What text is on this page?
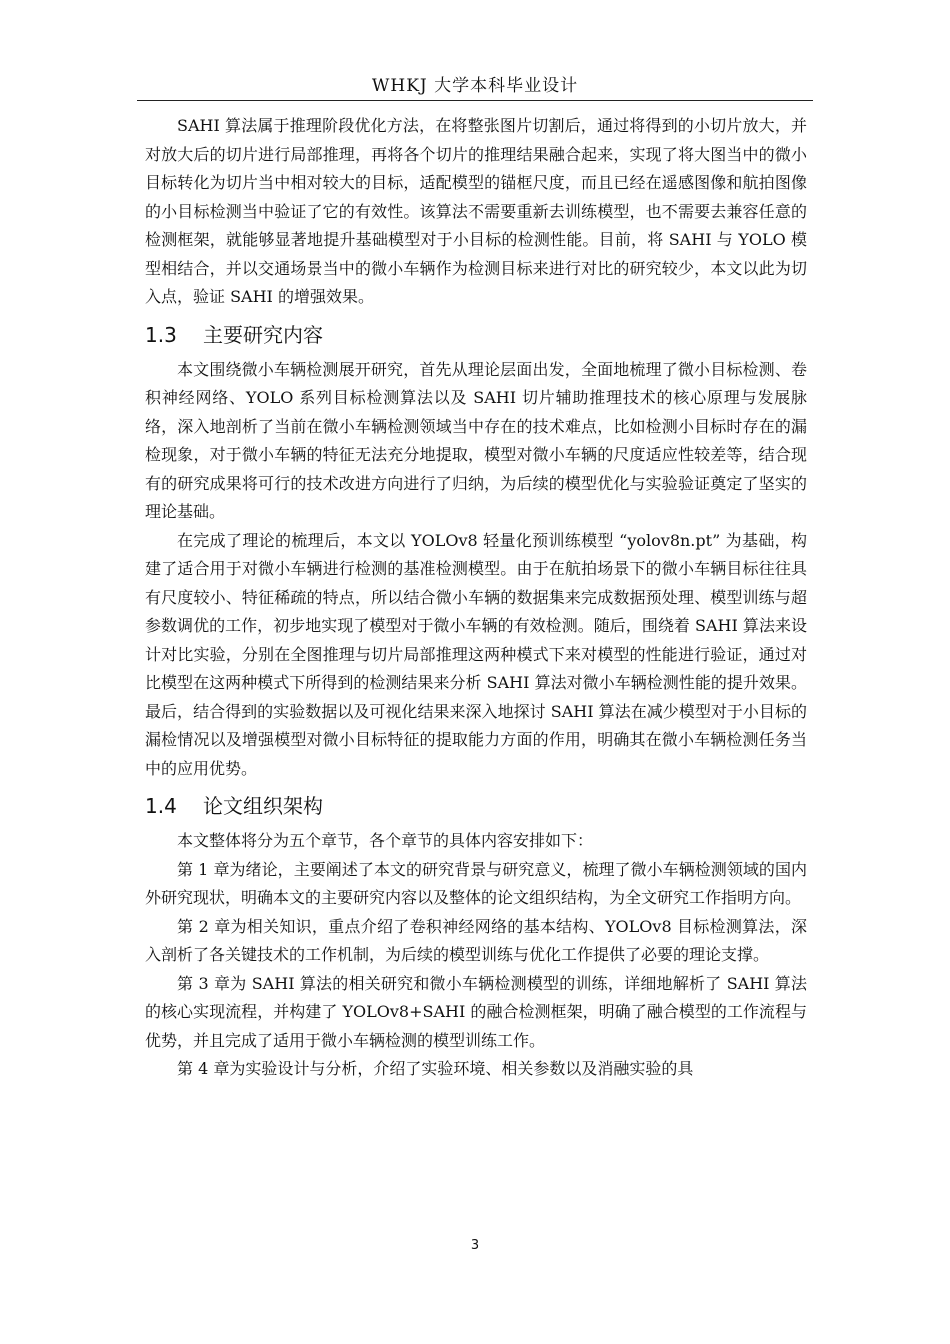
WHKJ 大学本科毕业设计

SAHI 算法属于推理阶段优化方法，在将整张图片切割后，通过将得到的小切片放大，并对放大后的切片进行局部推理，再将各个切片的推理结果融合起来，实现了将大图当中的微小目标转化为切片当中相对较大的目标，适配模型的锚框尺度，而且已经在遥感图像和航拍图像的小目标检测当中验证了它的有效性。该算法不需要重新去训练模型，也不需要去兼容任意的检测框架，就能够显著地提升基础模型对于小目标的检测性能。目前，将 SAHI 与 YOLO 模型相结合，并以交通场景当中的微小车辆作为检测目标来进行对比的研究较少，本文以此为切入点，验证 SAHI 的增强效果。

1.3 主要研究内容

本文围绕微小车辆检测展开研究，首先从理论层面出发，全面地梳理了微小目标检测、卷积神经网络、YOLO 系列目标检测算法以及 SAHI 切片辅助推理技术的核心原理与发展脉络，深入地剖析了当前在微小车辆检测领域当中存在的技术难点，比如检测小目标时存在的漏检现象，对于微小车辆的特征无法充分地提取，模型对微小车辆的尺度适应性较差等，结合现有的研究成果将可行的技术改进方向进行了归纳，为后续的模型优化与实验验证奠定了坚实的理论基础。

在完成了理论的梳理后，本文以 YOLOv8 轻量化预训练模型 “yolov8n.pt” 为基础，构建了适合用于对微小车辆进行检测的基准检测模型。由于在航拍场景下的微小车辆目标往往具有尺度较小、特征稀疏的特点，所以结合微小车辆的数据集来完成数据预处理、模型训练与超参数调优的工作，初步地实现了模型对于微小车辆的有效检测。随后，围绕着 SAHI 算法来设计对比实验，分别在全图推理与切片局部推理这两种模式下来对模型的性能进行验证，通过对比模型在这两种模式下所得到的检测结果来分析 SAHI 算法对微小车辆检测性能的提升效果。最后，结合得到的实验数据以及可视化结果来深入地探讨 SAHI 算法在减少模型对于小目标的漏检情况以及增强模型对微小目标特征的提取能力方面的作用，明确其在微小车辆检测任务当中的应用优势。

1.4 论文组织架构

本文整体将分为五个章节，各个章节的具体内容安排如下：

第 1 章为绪论，主要阐述了本文的研究背景与研究意义，梳理了微小车辆检测领域的国内外研究现状，明确本文的主要研究内容以及整体的论文组织结构，为全文研究工作指明方向。

第 2 章为相关知识，重点介绍了卷积神经网络的基本结构、YOLOv8 目标检测算法，深入剖析了各关键技术的工作机制，为后续的模型训练与优化工作提供了必要的理论支撑。

第 3 章为 SAHI 算法的相关研究和微小车辆检测模型的训练，详细地解析了 SAHI 算法的核心实现流程，并构建了 YOLOv8+SAHI 的融合检测框架，明确了融合模型的工作流程与优势，并且完成了适用于微小车辆检测的模型训练工作。

第 4 章为实验设计与分析，介绍了实验环境、相关参数以及消融实验的具

3
